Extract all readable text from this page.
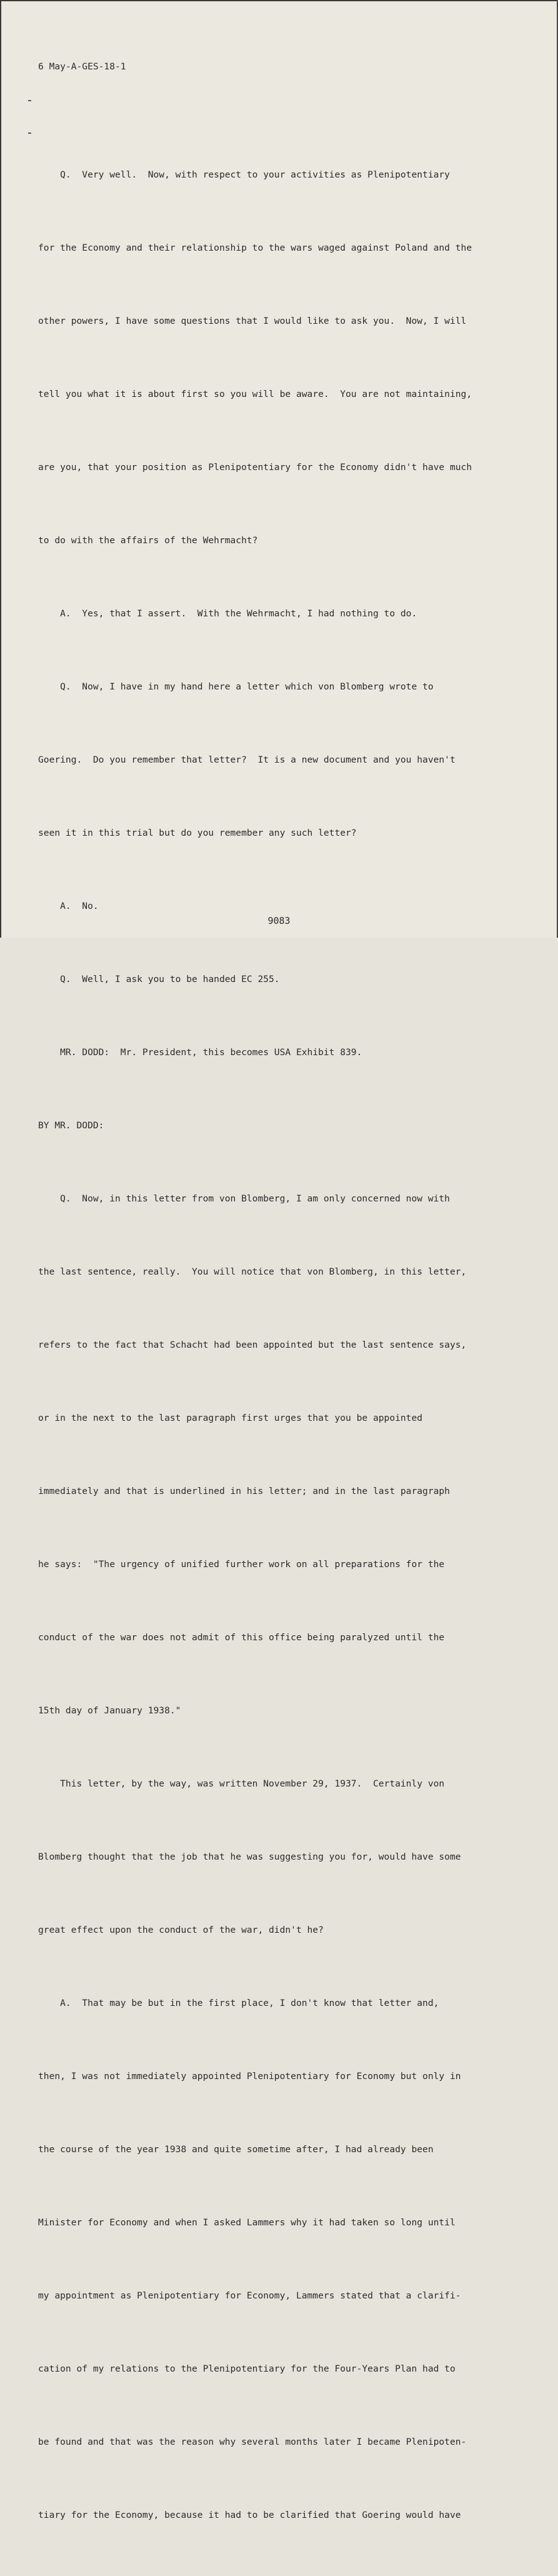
6 May-A-GES-18-1

Q.  Very well.  Now, with respect to your activities as Plenipotentiary

for the Economy and their relationship to the wars waged against Poland and the

other powers, I have some questions that I would like to ask you.  Now, I will

tell you what it is about first so you will be aware.  You are not maintaining,

are you, that your position as Plenipotentiary for the Economy didn't have much

to do with the affairs of the Wehrmacht?

A.  Yes, that I assert.  With the Wehrmacht, I had nothing to do.

Q.  Now, I have in my hand here a letter which von Blomberg wrote to

Goering.  Do you remember that letter?  It is a new document and you haven't

seen it in this trial but do you remember any such letter?

A.  No.

Q.  Well, I ask you to be handed EC 255.

MR. DODD:  Mr. President, this becomes USA Exhibit 839.

BY MR. DODD:

Q.  Now, in this letter from von Blomberg, I am only concerned now with

the last sentence, really.  You will notice that von Blomberg, in this letter,

refers to the fact that Schacht had been appointed but the last sentence says,

or in the next to the last paragraph first urges that you be appointed

immediately and that is underlined in his letter; and in the last paragraph

he says:  "The urgency of unified further work on all preparations for the

conduct of the war does not admit of this office being paralyzed until the

15th day of January 1938."

This letter, by the way, was written November 29, 1937.  Certainly von

Blomberg thought that the job that he was suggesting you for, would have some

great effect upon the conduct of the war, didn't he?

A.  That may be but in the first place, I don't know that letter and,

then, I was not immediately appointed Plenipotentiary for Economy but only in

the course of the year 1938 and quite sometime after, I had already been

Minister for Economy and when I asked Lammers why it had taken so long until

my appointment as Plenipotentiary for Economy, Lammers stated that a clarifi-

cation of my relations to the Plenipotentiary for the Four-Years Plan had to

be found and that was the reason why several months later I became Plenipoten-

tiary for the Economy, because it had to be clarified that Goering would have

9083
